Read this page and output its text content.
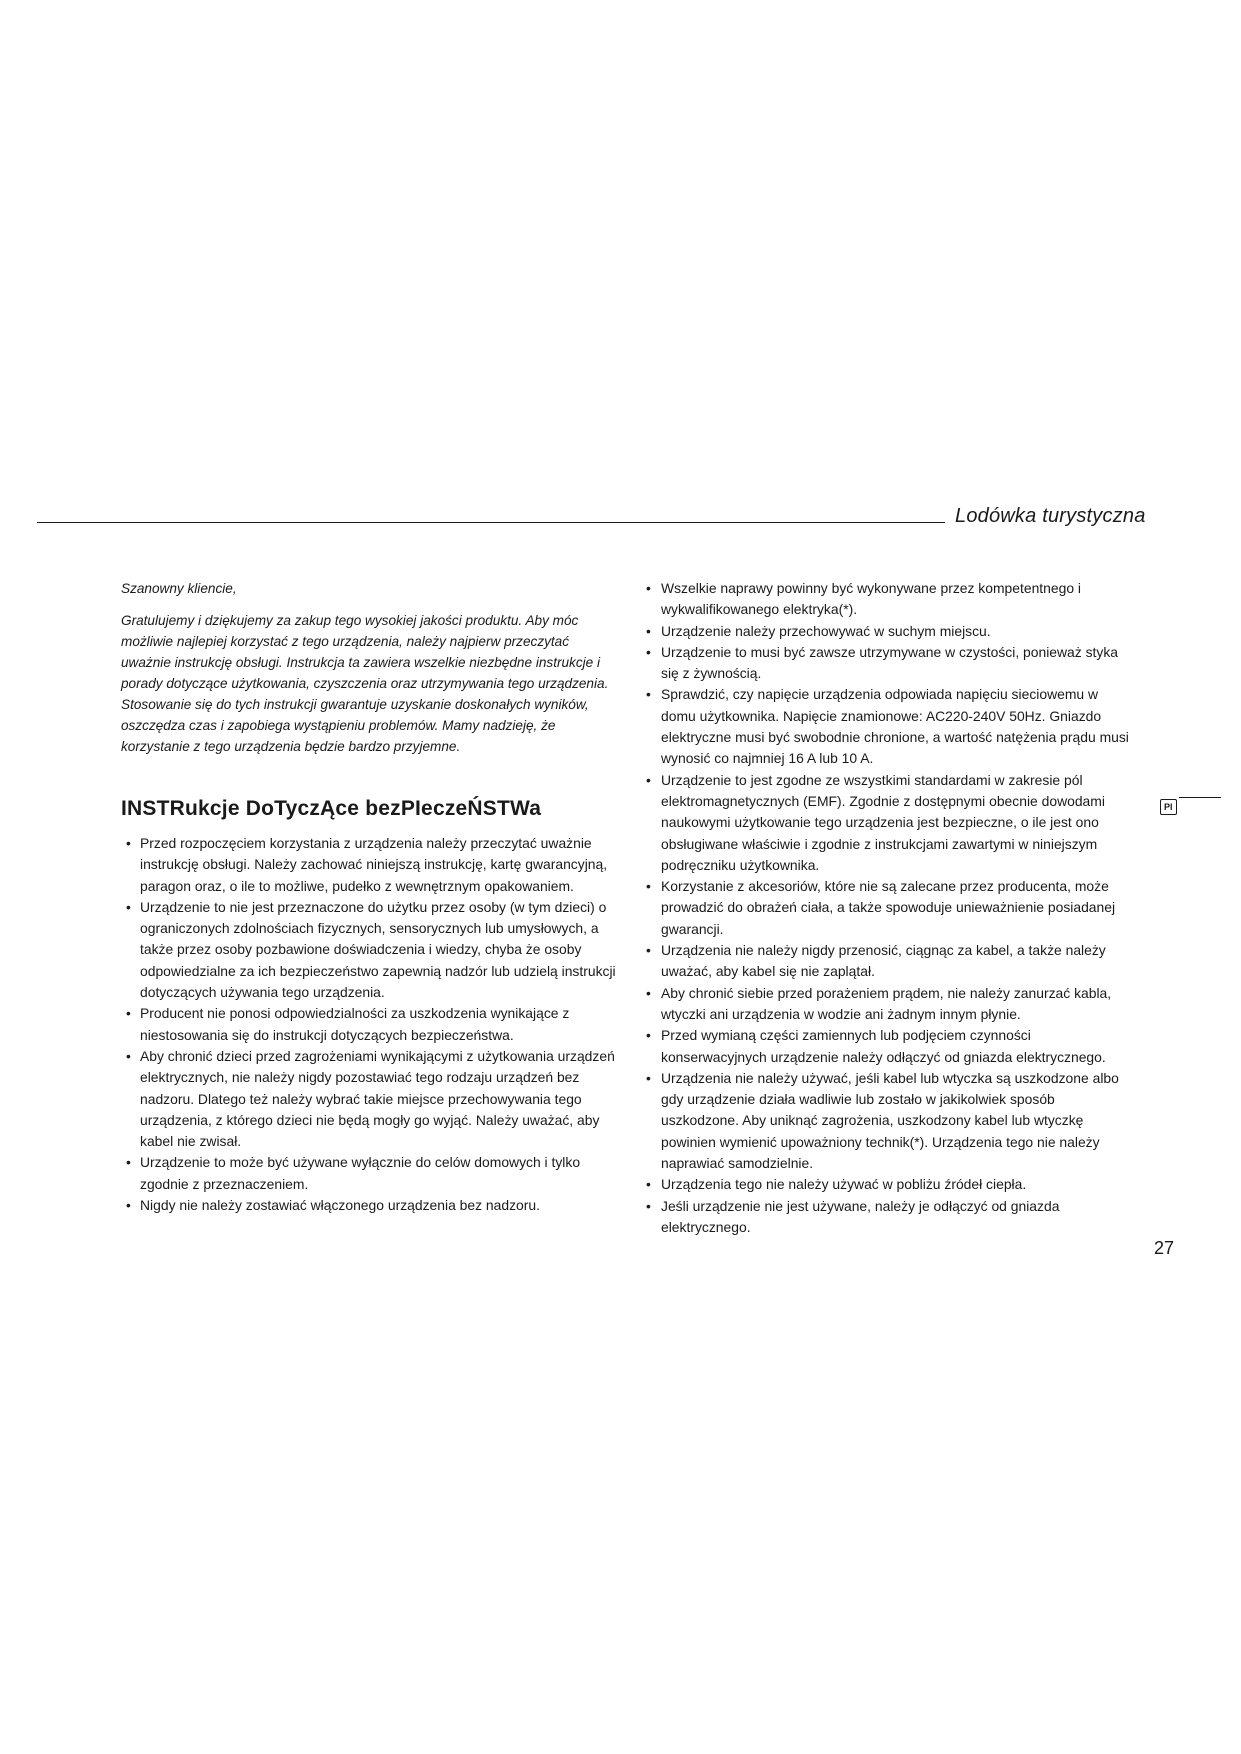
Lodówka turystyczna
Pl

Szanowny kliencie,

Gratulujemy i dziękujemy za zakup tego wysokiej jakości produktu. Aby móc możliwie najlepiej korzystać z tego urządzenia, należy najpierw przeczytać uważnie instrukcję obsługi. Instrukcja ta zawiera wszelkie niezbędne instrukcje i porady dotyczące użytkowania, czyszczenia oraz utrzymywania tego urządzenia. Stosowanie się do tych instrukcji gwarantuje uzyskanie doskonałych wyników, oszczędza czas i zapobiega wystąpieniu problemów. Mamy nadzieję, że korzystanie z tego urządzenia będzie bardzo przyjemne.

INSTRukcje DoTyczĄce bezPIeczeŃSTWa
• Przed rozpoczęciem korzystania z urządzenia należy przeczytać uważnie instrukcję obsługi. Należy zachować niniejszą instrukcję, kartę gwarancyjną, paragon oraz, o ile to możliwe, pudełko z wewnętrznym opakowaniem.
• Urządzenie to nie jest przeznaczone do użytku przez osoby (w tym dzieci) o ograniczonych zdolnościach fizycznych, sensorycznych lub umysłowych, a także przez osoby pozbawione doświadczenia i wiedzy, chyba że osoby odpowiedzialne za ich bezpieczeństwo zapewnią nadzór lub udzielą instrukcji dotyczących używania tego urządzenia.
• Producent nie ponosi odpowiedzialności za uszkodzenia wynikające z niestosowania się do instrukcji dotyczących bezpieczeństwa.
• Aby chronić dzieci przed zagrożeniami wynikającymi z użytkowania urządzeń elektrycznych, nie należy nigdy pozostawiać tego rodzaju urządzeń bez nadzoru. Dlatego też należy wybrać takie miejsce przechowywania tego urządzenia, z którego dzieci nie będą mogły go wyjąć. Należy uważać, aby kabel nie zwisał.
• Urządzenie to może być używane wyłącznie do celów domowych i tylko zgodnie z przeznaczeniem.
• Nigdy nie należy zostawiać włączonego urządzenia bez nadzoru.
• Wszelkie naprawy powinny być wykonywane przez kompetentnego i wykwalifikowanego elektryka(*).
• Urządzenie należy przechowywać w suchym miejscu.
• Urządzenie to musi być zawsze utrzymywane w czystości, ponieważ styka się z żywnością.
• Sprawdzić, czy napięcie urządzenia odpowiada napięciu sieciowemu w domu użytkownika. Napięcie znamionowe: AC220-240V 50Hz. Gniazdo elektryczne musi być swobodnie chronione, a wartość natężenia prądu musi wynosić co najmniej 16 A lub 10 A.
• Urządzenie to jest zgodne ze wszystkimi standardami w zakresie pól elektromagnetycznych (EMF). Zgodnie z dostępnymi obecnie dowodami naukowymi użytkowanie tego urządzenia jest bezpieczne, o ile jest ono obsługiwane właściwie i zgodnie z instrukcjami zawartymi w niniejszym podręczniku użytkownika.
• Korzystanie z akcesoriów, które nie są zalecane przez producenta, może prowadzić do obrażeń ciała, a także spowoduje unieważnienie posiadanej gwarancji.
• Urządzenia nie należy nigdy przenosić, ciągnąc za kabel, a także należy uważać, aby kabel się nie zaplątał.
• Aby chronić siebie przed porażeniem prądem, nie należy zanurzać kabla, wtyczki ani urządzenia w wodzie ani żadnym innym płynie.
• Przed wymianą części zamiennych lub podjęciem czynności konserwacyjnych urządzenie należy odłączyć od gniazda elektrycznego.
• Urządzenia nie należy używać, jeśli kabel lub wtyczka są uszkodzone albo gdy urządzenie działa wadliwie lub zostało w jakikolwiek sposób uszkodzone. Aby uniknąć zagrożenia, uszkodzony kabel lub wtyczkę powinien wymienić upoważniony technik(*). Urządzenia tego nie należy naprawiać samodzielnie.
• Urządzenia tego nie należy używać w pobliżu źródeł ciepła.
• Jeśli urządzenie nie jest używane, należy je odłączyć od gniazda elektrycznego.
27
